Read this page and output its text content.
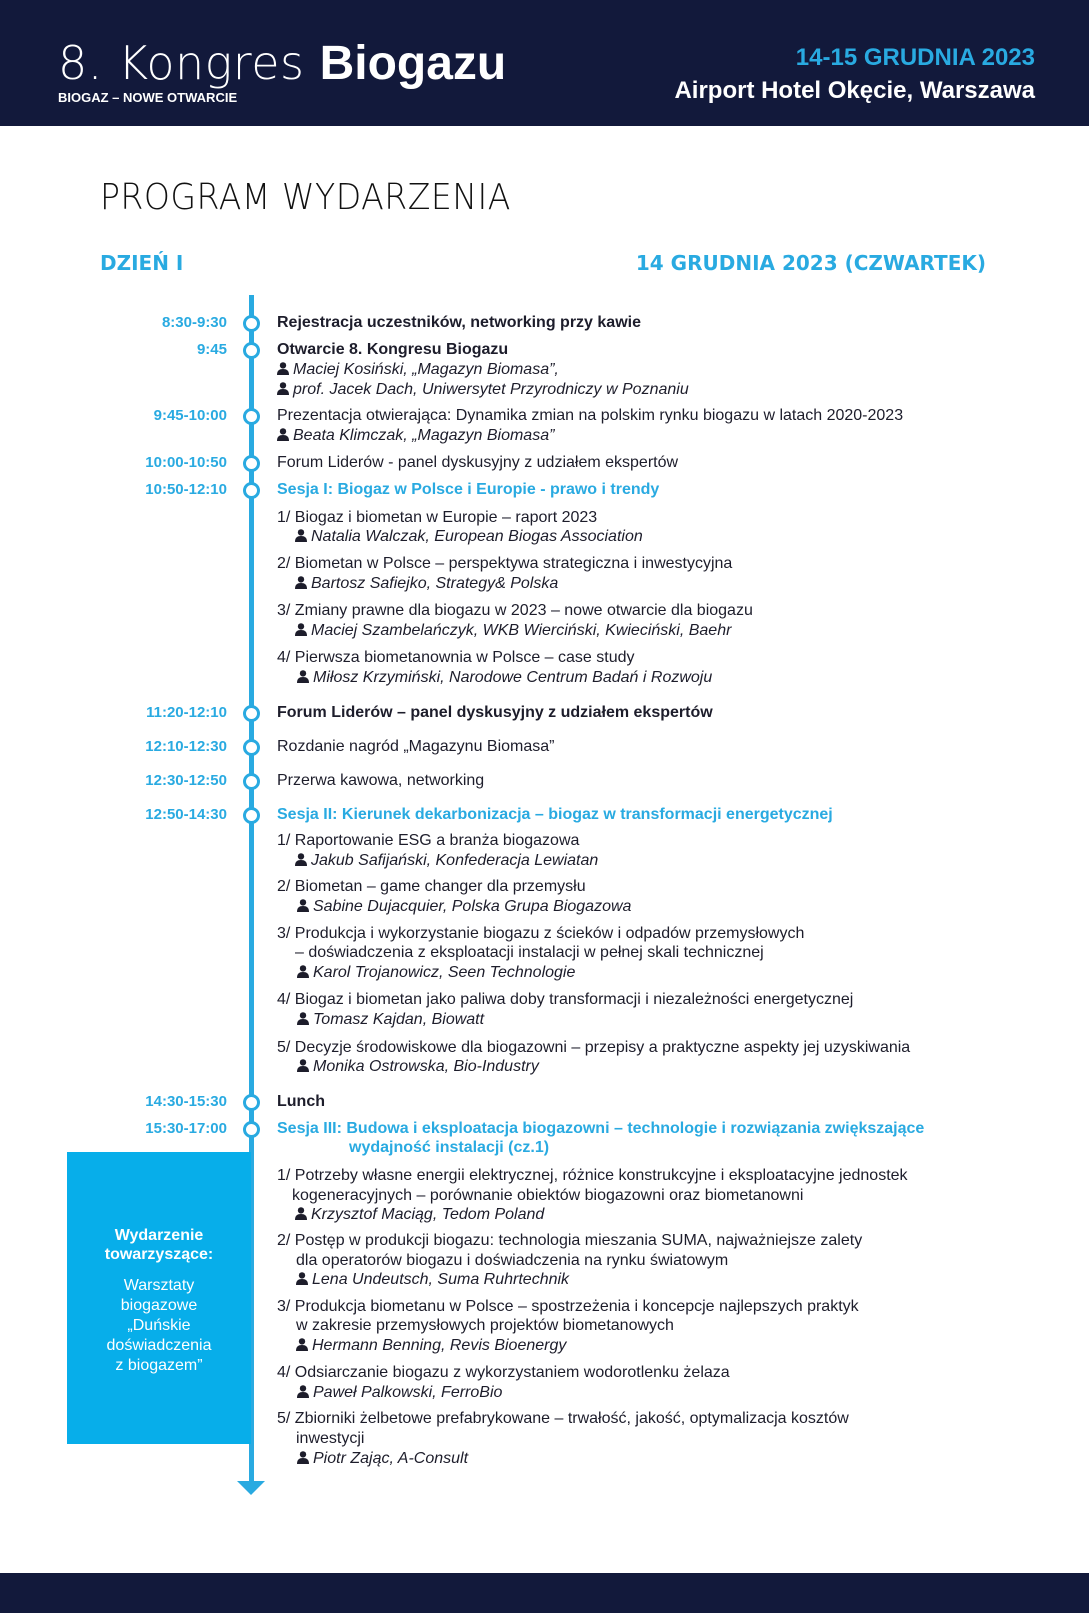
8. Kongres Biogazu
BIOGAZ – NOWE OTWARCIE
14-15 GRUDNIA 2023
Airport Hotel Okęcie, Warszawa
PROGRAM WYDARZENIA
DZIEŃ I	14 GRUDNIA 2023 (CZWARTEK)
Wydarzenie
towarzyszące:
Warsztaty
biogazowe
„Duńskie
doświadczenia
z biogazem”
8:30-9:30
9:45
9:45-10:00
10:00-10:50
10:50-12:10
11:20-12:10
12:10-12:30
12:30-12:50
12:50-14:30
14:30-15:30
15:30-17:00
Rejestracja uczestników, networking przy kawie
Otwarcie 8. Kongresu Biogazu
Maciej Kosiński, „Magazyn Biomasa”,
prof. Jacek Dach, Uniwersytet Przyrodniczy w Poznaniu
Prezentacja otwierająca: Dynamika zmian na polskim rynku biogazu w latach 2020-2023
Beata Klimczak, „Magazyn Biomasa”
Forum Liderów - panel dyskusyjny z udziałem ekspertów
Sesja I: Biogaz w Polsce i Europie - prawo i trendy
1/ Biogaz i biometan w Europie – raport 2023
Natalia Walczak, European Biogas Association
2/ Biometan w Polsce – perspektywa strategiczna i inwestycyjna
Bartosz Safiejko, Strategy& Polska
3/ Zmiany prawne dla biogazu w 2023 – nowe otwarcie dla biogazu
Maciej Szambelańczyk, WKB Wierciński, Kwieciński, Baehr
4/ Pierwsza biometanownia w Polsce – case study
Miłosz Krzymiński, Narodowe Centrum Badań i Rozwoju
Forum Liderów – panel dyskusyjny z udziałem ekspertów
Rozdanie nagród „Magazynu Biomasa”
Przerwa kawowa, networking
Sesja II: Kierunek dekarbonizacja – biogaz w transformacji energetycznej
1/ Raportowanie ESG a branża biogazowa
Jakub Safijański, Konfederacja Lewiatan
2/ Biometan – game changer dla przemysłu
Sabine Dujacquier, Polska Grupa Biogazowa
3/ Produkcja i wykorzystanie biogazu z ścieków i odpadów przemysłowych
– doświadczenia z eksploatacji instalacji w pełnej skali technicznej
Karol Trojanowicz, Seen Technologie
4/ Biogaz i biometan jako paliwa doby transformacji i niezależności energetycznej
Tomasz Kajdan, Biowatt
5/ Decyzje środowiskowe dla biogazowni – przepisy a praktyczne aspekty jej uzyskiwania
Monika Ostrowska, Bio-Industry
Lunch
Sesja III: Budowa i eksploatacja biogazowni – technologie i rozwiązania zwiększające
wydajność instalacji (cz.1)
1/ Potrzeby własne energii elektrycznej, różnice konstrukcyjne i eksploatacyjne jednostek
kogeneracyjnych – porównanie obiektów biogazowni oraz biometanowni
Krzysztof Maciąg, Tedom Poland
2/ Postęp w produkcji biogazu: technologia mieszania SUMA, najważniejsze zalety
dla operatorów biogazu i doświadczenia na rynku światowym
Lena Undeutsch, Suma Ruhrtechnik
3/ Produkcja biometanu w Polsce – spostrzeżenia i koncepcje najlepszych praktyk
w zakresie przemysłowych projektów biometanowych
Hermann Benning, Revis Bioenergy
4/ Odsiarczanie biogazu z wykorzystaniem wodorotlenku żelaza
Paweł Palkowski, FerroBio
5/ Zbiorniki żelbetowe prefabrykowane – trwałość, jakość, optymalizacja kosztów
inwestycji
Piotr Zając, A-Consult
